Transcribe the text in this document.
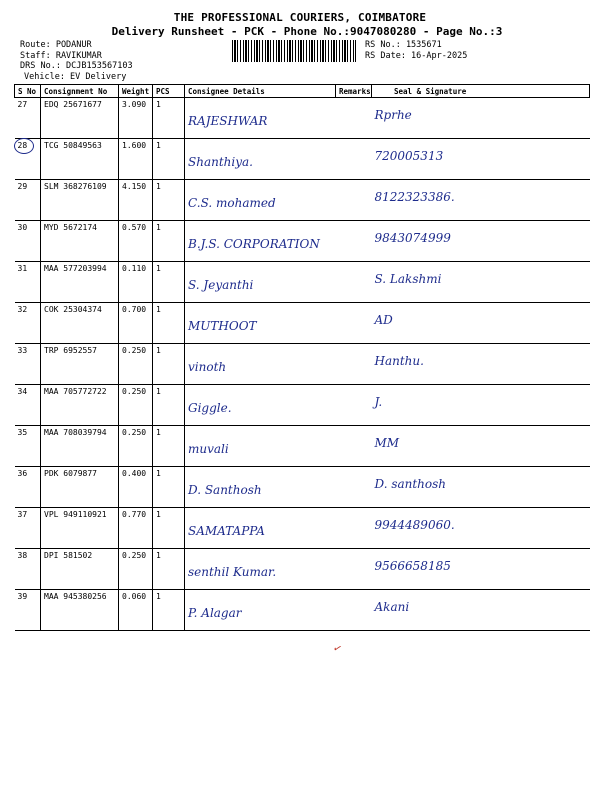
THE PROFESSIONAL COURIERS, COIMBATORE
Delivery Runsheet - PCK - Phone No.:9047080280 - Page No.:3
Route: PODANUR
Staff: RAVIKUMAR
DRS No.: DCJB153567103
Vehicle: EV Delivery
RS No.: 1535671
RS Date: 16-Apr-2025
S No	Consignment No	Weight	PCS	Consignee Details	Remarks	Seal & Signature
27	EDQ 25671677	3.090	1	RAJESHWAR		Rprhe
28	TCG 50849563	1.600	1	Shanthiya.		720005313
29	SLM 368276109	4.150	1	C.S. mohamed		8122323386.
30	MYD 5672174	0.570	1	B.J.S. CORPORATION		9843074999
31	MAA 577203994	0.110	1	S. Jeyanthi		S. Lakshmi
32	COK 25304374	0.700	1	MUTHOOT		AD
33	TRP 6952557	0.250	1	vinoth		Hanthu.
34	MAA 705772722	0.250	1	Giggle.		J.
35	MAA 708039794	0.250	1	muvali		MM
36	PDK 6079877	0.400	1	D. Santhosh		D. santhosh
37	VPL 949110921	0.770	1	SAMATAPPA		9944489060.
38	DPI 581502	0.250	1	senthil Kumar.		9566658185
39	MAA 945380256	0.060	1	P. Alagar		Akani
✓
